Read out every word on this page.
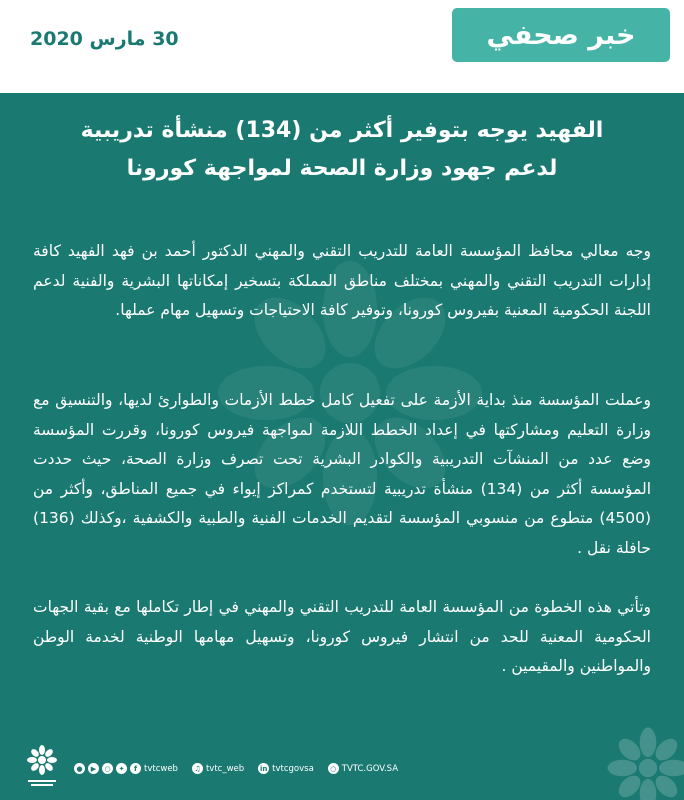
30 مارس 2020	خبر صحفي
الفهيد يوجه بتوفير أكثر من (134) منشأة تدريبية
لدعم جهود وزارة الصحة لمواجهة كورونا

وجه معالي محافظ المؤسسة العامة للتدريب التقني والمهني الدكتور أحمد بن فهد الفهيد كافة إدارات التدريب التقني والمهني بمختلف مناطق المملكة بتسخير إمكاناتها البشرية والفنية لدعم اللجنة الحكومية المعنية بفيروس كورونا، وتوفير كافة الاحتياجات وتسهيل مهام عملها.

وعملت المؤسسة منذ بداية الأزمة على تفعيل كامل خطط الأزمات والطوارئ لديها، والتنسيق مع وزارة التعليم ومشاركتها في إعداد الخطط اللازمة لمواجهة فيروس كورونا، وقررت المؤسسة وضع عدد من المنشآت التدريبية والكوادر البشرية تحت تصرف وزارة الصحة، حيث حددت المؤسسة أكثر من (134) منشأة تدريبية لتستخدم كمراكز إيواء في جميع المناطق، وأكثر من (4500) متطوع من منسوبي المؤسسة لتقديم الخدمات الفنية والطبية والكشفية ،وكذلك (136) حافلة نقل .

وتأتي هذه الخطوة من المؤسسة العامة للتدريب التقني والمهني في إطار تكاملها مع بقية الجهات الحكومية المعنية للحد من انتشار فيروس كورونا، وتسهيل مهامها الوطنية لخدمة الوطن والمواطنين والمقيمين .

●	▶	○	✦	f tvtcweb	♫ tvtc_web in tvtcgovsa	○ TVTC.GOV.SA
